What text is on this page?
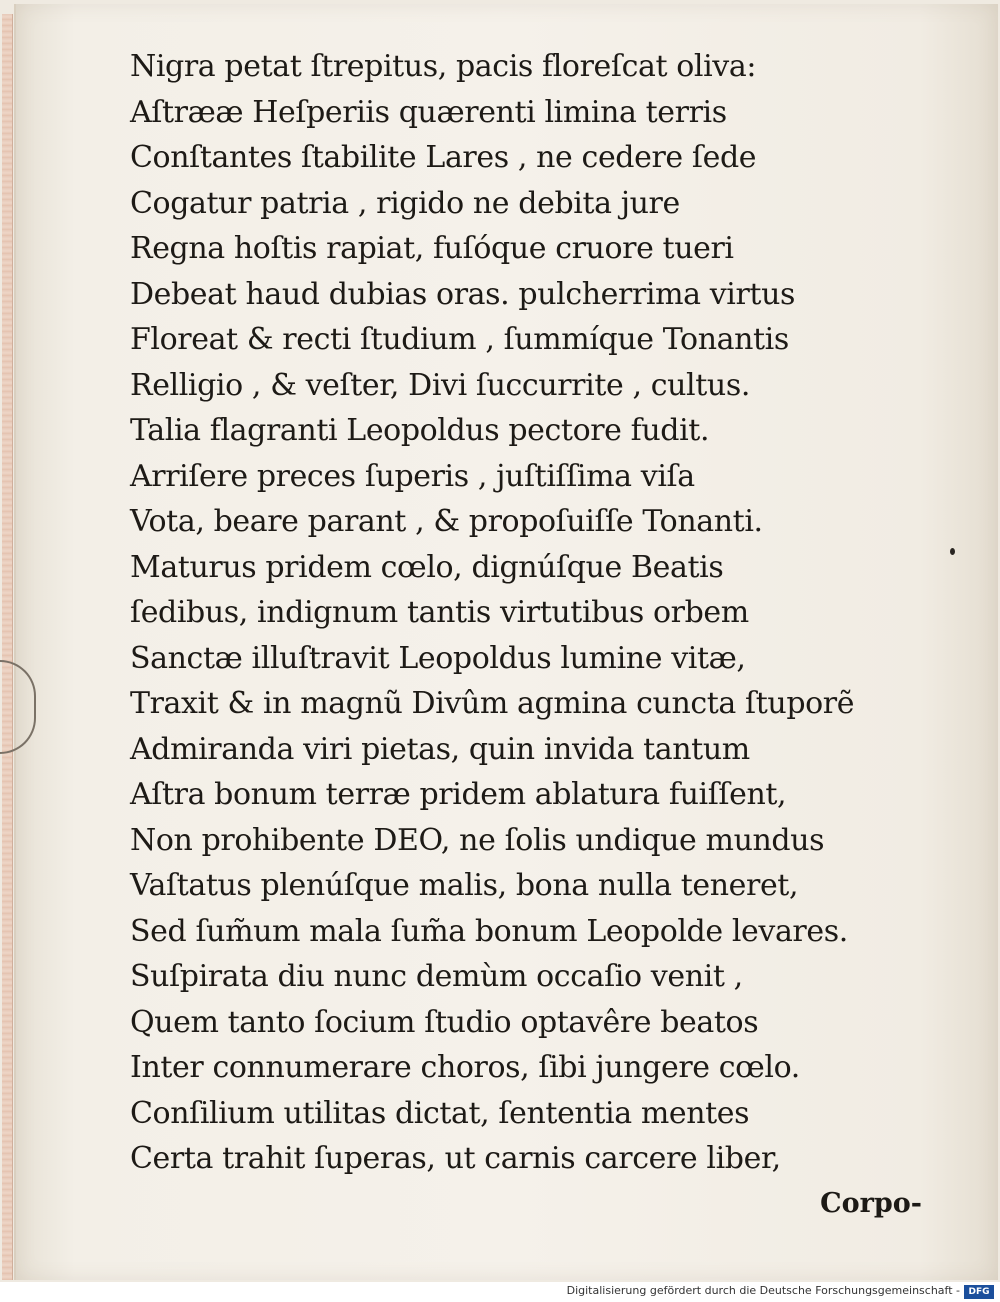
Nigra petat ſtrepitus, pacis floreſcat oliva:
Aſtrææ Heſperiis quærenti limina terris
Conſtantes ſtabilite Lares , ne cedere ſede
Cogatur patria , rigido ne debita jure
Regna hoſtis rapiat, fuſóque cruore tueri
Debeat haud dubias oras. pulcherrima virtus
Floreat & recti ſtudium , ſummíque Tonantis
Relligio , & veſter, Divi ſuccurrite , cultus.
Talia flagranti Leopoldus pectore fudit.
Arriſere preces ſuperis , juſtiſſima viſa
Vota, beare parant , & propoſuiſſe Tonanti.
Maturus pridem cœlo, dignúſque Beatis
ſedibus, indignum tantis virtutibus orbem
Sanctæ illuſtravit Leopoldus lumine vitæ,
Traxit & in magnũ Divûm agmina cuncta ſtuporẽ
Admiranda viri pietas, quin invida tantum
Aſtra bonum terræ pridem ablatura fuiſſent,
Non prohibente DEO, ne ſolis undique mundus
Vaſtatus plenúſque malis, bona nulla teneret,
Sed ſum̃um mala ſum̃a bonum Leopolde levares.
Suſpirata diu nunc demùm occaſio venit ,
Quem tanto ſocium ſtudio optavêre beatos
Inter connumerare choros, ſibi jungere cœlo.
Conſilium utilitas dictat, ſententia mentes
Certa trahit ſuperas, ut carnis carcere liber,
Corpo-
Digitalisierung gefördert durch die Deutsche Forschungsgemeinschaft - DFG
